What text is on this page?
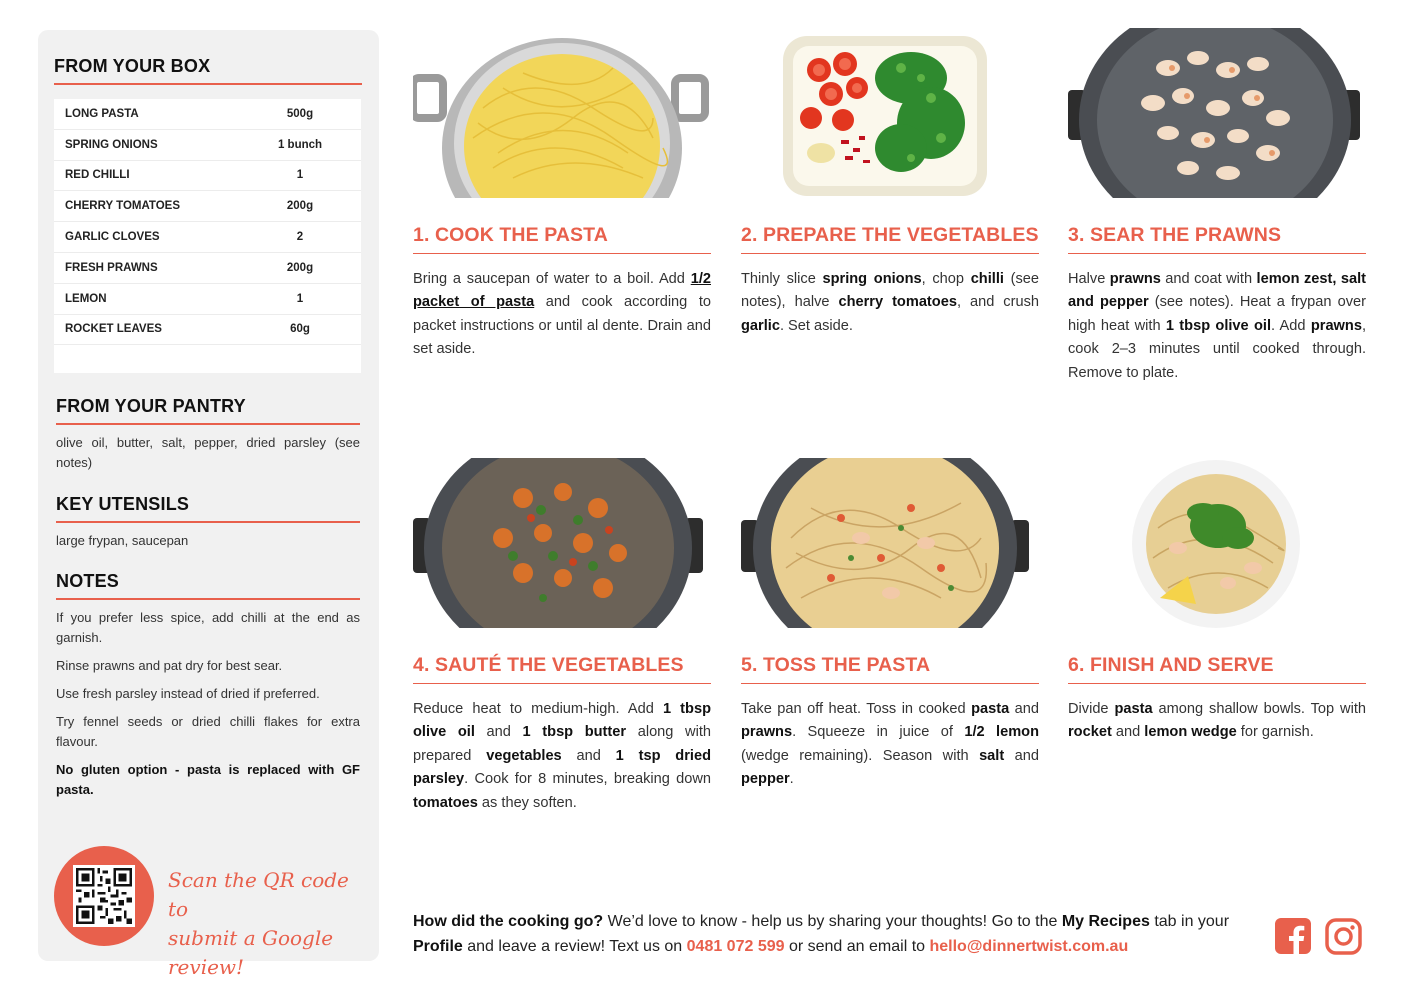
FROM YOUR BOX
LONG PASTA	500g
SPRING ONIONS	1 bunch
RED CHILLI	1
CHERRY TOMATOES	200g
GARLIC CLOVES	2
FRESH PRAWNS	200g
LEMON	1
ROCKET LEAVES	60g
FROM YOUR PANTRY
olive oil, butter, salt, pepper, dried parsley (see notes)
KEY UTENSILS
large frypan, saucepan
NOTES
If you prefer less spice, add chilli at the end as garnish.
Rinse prawns and pat dry for best sear.
Use fresh parsley instead of dried if preferred.
Try fennel seeds or dried chilli flakes for extra flavour.
No gluten option - pasta is replaced with GF pasta.
Scan the QR code to
submit a Google review!
1. COOK THE PASTA
Bring a saucepan of water to a boil. Add 1/2 packet of pasta and cook according to packet instructions or until al dente. Drain and set aside.
2. PREPARE THE VEGETABLES
Thinly slice spring onions, chop chilli (see notes), halve cherry tomatoes, and crush garlic. Set aside.
3. SEAR THE PRAWNS
Halve prawns and coat with lemon zest, salt and pepper (see notes). Heat a frypan over high heat with 1 tbsp olive oil. Add prawns, cook 2–3 minutes until cooked through. Remove to plate.
4. SAUTÉ THE VEGETABLES
Reduce heat to medium-high. Add 1 tbsp olive oil and 1 tbsp butter along with prepared vegetables and 1 tsp dried parsley. Cook for 8 minutes, breaking down tomatoes as they soften.
5. TOSS THE PASTA
Take pan off heat. Toss in cooked pasta and prawns. Squeeze in juice of 1/2 lemon (wedge remaining). Season with salt and pepper.
6. FINISH AND SERVE
Divide pasta among shallow bowls. Top with rocket and lemon wedge for garnish.
How did the cooking go? We’d love to know - help us by sharing your thoughts! Go to the My Recipes tab in your Profile and leave a review! Text us on 0481 072 599 or send an email to hello@dinnertwist.com.au
